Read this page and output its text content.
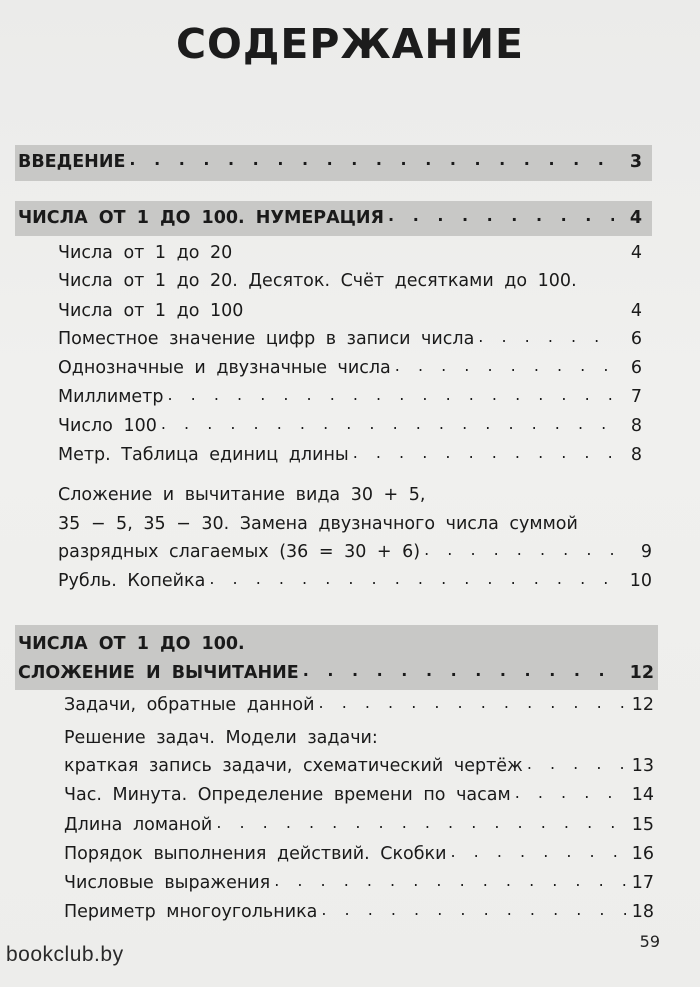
СОДЕРЖАНИЕ
ВВЕДЕНИЕ . . .	3
ЧИСЛА ОТ 1 ДО 100. НУМЕРАЦИЯ . . .	4
Числа от 1 до 20	4
Числа от 1 до 20. Десяток. Счёт десятками до 100.
Числа от 1 до 100	4
Поместное значение цифр в записи числа . . .	6
Однозначные и двузначные числа . . .	6
Миллиметр . . .	7
Число 100 . . .	8
Метр. Таблица единиц длины . . .	8
Сложение и вычитание вида 30 + 5,
35 − 5, 35 − 30. Замена двузначного числа суммой
разрядных слагаемых (36 = 30 + 6) . . .	9
Рубль. Копейка . . .	10
ЧИСЛА ОТ 1 ДО 100.
СЛОЖЕНИЕ И ВЫЧИТАНИЕ . . .	12
Задачи, обратные данной . . .	12
Решение задач. Модели задачи:
краткая запись задачи, схематический чертёж . . .	13
Час. Минута. Определение времени по часам . . .	14
Длина ломаной . . .	15
Порядок выполнения действий. Скобки . . .	16
Числовые выражения . . .	17
Периметр многоугольника . . .	18
59
bookclub.by
